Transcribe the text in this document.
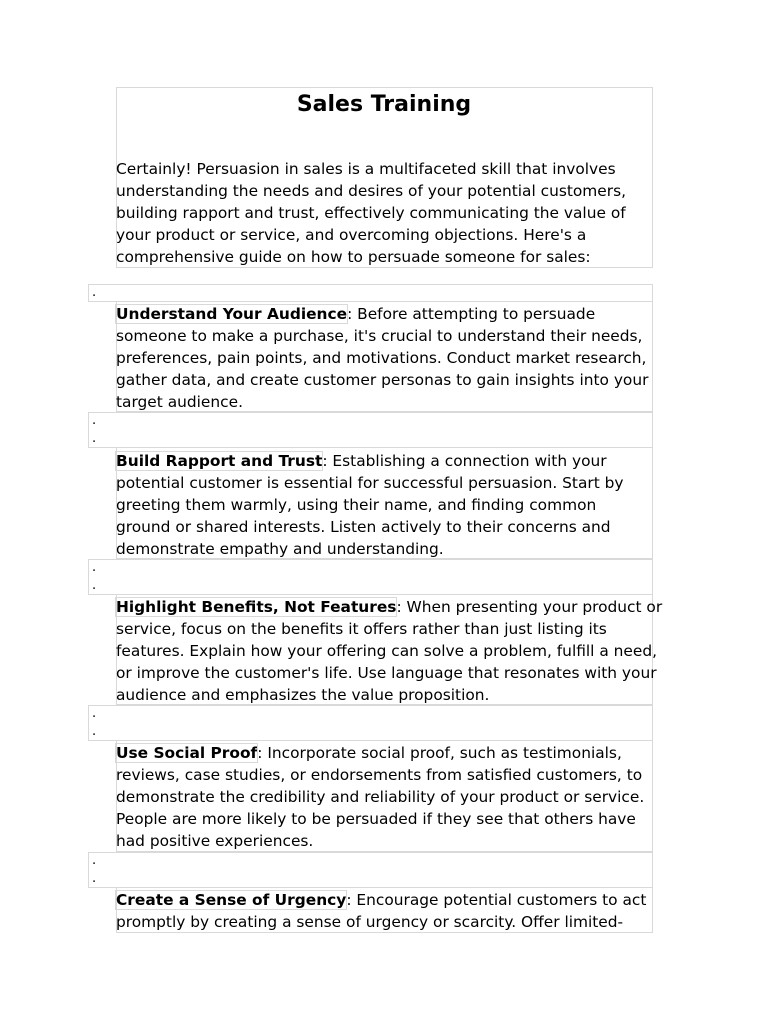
Sales Training

Certainly! Persuasion in sales is a multifaceted skill that involves
understanding the needs and desires of your potential customers,
building rapport and trust, effectively communicating the value of
your product or service, and overcoming objections. Here's a
comprehensive guide on how to persuade someone for sales:

.

Understand Your Audience: Before attempting to persuade
someone to make a purchase, it's crucial to understand their needs,
preferences, pain points, and motivations. Conduct market research,
gather data, and create customer personas to gain insights into your
target audience.

.
.

Build Rapport and Trust: Establishing a connection with your
potential customer is essential for successful persuasion. Start by
greeting them warmly, using their name, and finding common
ground or shared interests. Listen actively to their concerns and
demonstrate empathy and understanding.

.
.

Highlight Benefits, Not Features: When presenting your product or
service, focus on the benefits it offers rather than just listing its
features. Explain how your offering can solve a problem, fulfill a need,
or improve the customer's life. Use language that resonates with your
audience and emphasizes the value proposition.

.
.

Use Social Proof: Incorporate social proof, such as testimonials,
reviews, case studies, or endorsements from satisfied customers, to
demonstrate the credibility and reliability of your product or service.
People are more likely to be persuaded if they see that others have
had positive experiences.

.
.

Create a Sense of Urgency: Encourage potential customers to act
promptly by creating a sense of urgency or scarcity. Offer limited-
